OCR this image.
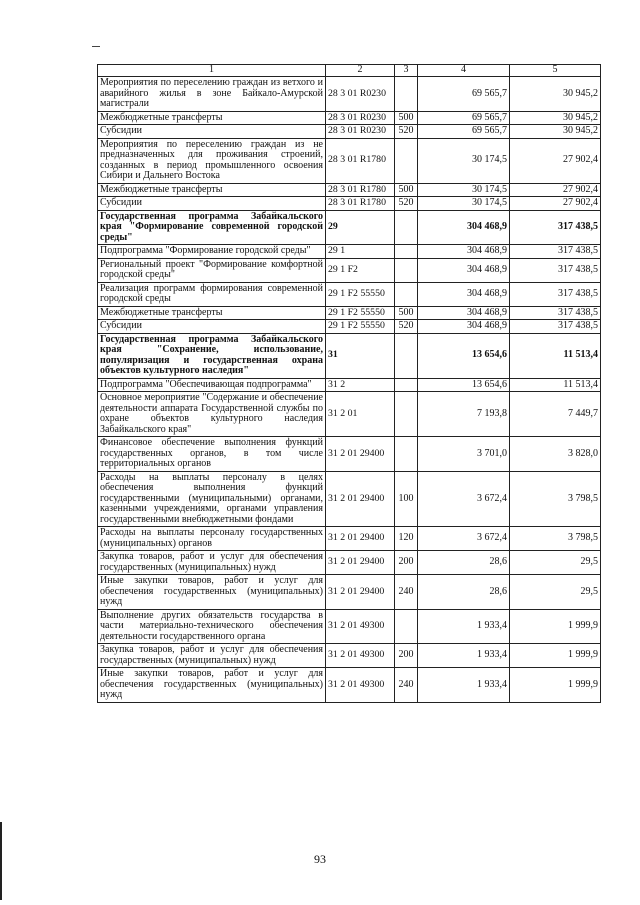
1	2	3	4	5
Мероприятия по переселению граждан из ветхого и аварийного жилья в зоне Байкало-Амурской магистрали	28 3 01 R0230		69 565,7	30 945,2
Межбюджетные трансферты	28 3 01 R0230	500	69 565,7	30 945,2
Субсидии	28 3 01 R0230	520	69 565,7	30 945,2
Мероприятия по переселению граждан из не предназначенных для проживания строений, созданных в период промышленного освоения Сибири и Дальнего Востока	28 3 01 R1780		30 174,5	27 902,4
Межбюджетные трансферты	28 3 01 R1780	500	30 174,5	27 902,4
Субсидии	28 3 01 R1780	520	30 174,5	27 902,4
Государственная программа Забайкальского края "Формирование современной городской среды"	29		304 468,9	317 438,5
Подпрограмма "Формирование городской среды"	29 1		304 468,9	317 438,5
Региональный проект "Формирование комфортной городской среды"	29 1 F2		304 468,9	317 438,5
Реализация программ формирования современной городской среды	29 1 F2 55550		304 468,9	317 438,5
Межбюджетные трансферты	29 1 F2 55550	500	304 468,9	317 438,5
Субсидии	29 1 F2 55550	520	304 468,9	317 438,5
Государственная программа Забайкальского края "Сохранение, использование, популяризация и государственная охрана объектов культурного наследия"	31		13 654,6	11 513,4
Подпрограмма "Обеспечивающая подпрограмма"	31 2		13 654,6	11 513,4
Основное мероприятие "Содержание и обеспечение деятельности аппарата Государственной службы по охране объектов культурного наследия Забайкальского края"	31 2 01		7 193,8	7 449,7
Финансовое обеспечение выполнения функций государственных органов, в том числе территориальных органов	31 2 01 29400		3 701,0	3 828,0
Расходы на выплаты персоналу в целях обеспечения выполнения функций государственными (муниципальными) органами, казенными учреждениями, органами управления государственными внебюджетными фондами	31 2 01 29400	100	3 672,4	3 798,5
Расходы на выплаты персоналу государственных (муниципальных) органов	31 2 01 29400	120	3 672,4	3 798,5
Закупка товаров, работ и услуг для обеспечения государственных (муниципальных) нужд	31 2 01 29400	200	28,6	29,5
Иные закупки товаров, работ и услуг для обеспечения государственных (муниципальных) нужд	31 2 01 29400	240	28,6	29,5
Выполнение других обязательств государства в части материально-технического обеспечения деятельности государственного органа	31 2 01 49300		1 933,4	1 999,9
Закупка товаров, работ и услуг для обеспечения государственных (муниципальных) нужд	31 2 01 49300	200	1 933,4	1 999,9
Иные закупки товаров, работ и услуг для обеспечения государственных (муниципальных) нужд	31 2 01 49300	240	1 933,4	1 999,9
93
